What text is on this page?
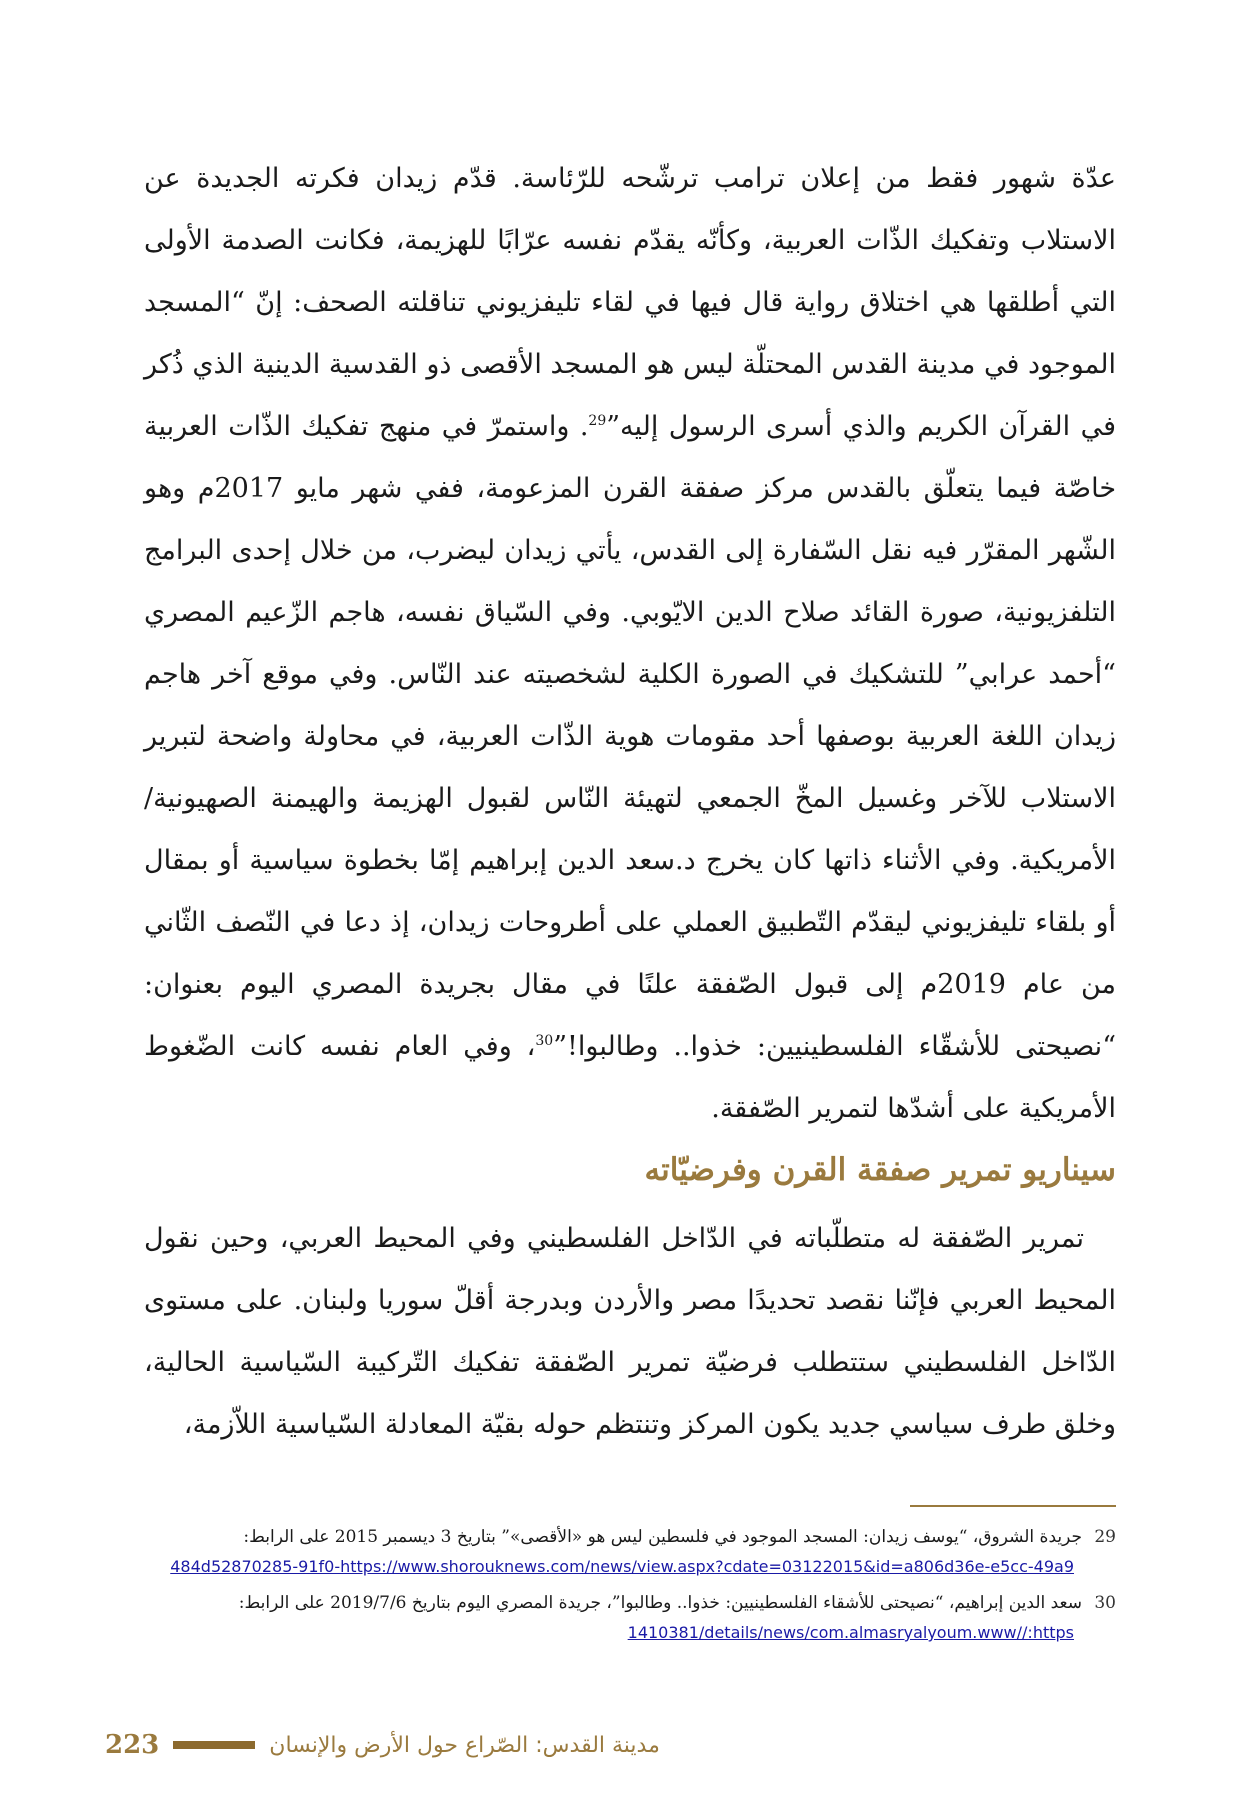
عدّة شهور فقط من إعلان ترامب ترشّحه للرّئاسة. قدّم زيدان فكرته الجديدة عن الاستلاب وتفكيك الذّات العربية، وكأنّه يقدّم نفسه عرّابًا للهزيمة، فكانت الصدمة الأولى التي أطلقها هي اختلاق رواية قال فيها في لقاء تليفزيوني تناقلته الصحف: إنّ “المسجد الموجود في مدينة القدس المحتلّة ليس هو المسجد الأقصى ذو القدسية الدينية الذي ذُكر في القرآن الكريم والذي أسرى الرسول إليه”$^{29}$. واستمرّ في منهج تفكيك الذّات العربية خاصّة فيما يتعلّق بالقدس مركز صفقة القرن المزعومة، ففي شهر مايو 2017م وهو الشّهر المقرّر فيه نقل السّفارة إلى القدس، يأتي زيدان ليضرب، من خلال إحدى البرامج التلفزيونية، صورة القائد صلاح الدين الايّوبي. وفي السّياق نفسه، هاجم الزّعيم المصري “أحمد عرابي” للتشكيك في الصورة الكلية لشخصيته عند النّاس. وفي موقع آخر هاجم زيدان اللغة العربية بوصفها أحد مقومات هوية الذّات العربية، في محاولة واضحة لتبرير الاستلاب للآخر وغسيل المخّ الجمعي لتهيئة النّاس لقبول الهزيمة والهيمنة الصهيونية/ الأمريكية. وفي الأثناء ذاتها كان يخرج د.سعد الدين إبراهيم إمّا بخطوة سياسية أو بمقال أو بلقاء تليفزيوني ليقدّم التّطبيق العملي على أطروحات زيدان، إذ دعا في النّصف الثّاني من عام 2019م إلى قبول الصّفقة علنًا في مقال بجريدة المصري اليوم بعنوان: “نصيحتى للأشقّاء الفلسطينيين: خذوا.. وطالبوا!”$^{30}$، وفي العام نفسه كانت الضّغوط الأمريكية على أشدّها لتمرير الصّفقة.

سيناريو تمرير صفقة القرن وفرضيّاته

تمرير الصّفقة له متطلّباته في الدّاخل الفلسطيني وفي المحيط العربي، وحين نقول المحيط العربي فإنّنا نقصد تحديدًا مصر والأردن وبدرجة أقلّ سوريا ولبنان. على مستوى الدّاخل الفلسطيني ستتطلب فرضيّة تمرير الصّفقة تفكيك التّركيبة السّياسية الحالية، وخلق طرف سياسي جديد يكون المركز وتنتظم حوله بقيّة المعادلة السّياسية اللاّزمة،

29جريدة الشروق، “يوسف زيدان: المسجد الموجود في فلسطين ليس هو «الأقصى»” بتاريخ 3 ديسمبر 2015 على الرابط:
484d52870285-91f0-https://www.shorouknews.com/news/view.aspx?cdate=03122015&id=a806d36e-e5cc-49a9
30سعد الدين إبراهيم، “نصيحتى للأشقاء الفلسطينيين: خذوا.. وطالبوا”، جريدة المصري اليوم بتاريخ 2019/7/6 على الرابط:
1410381/details/news/com.almasryalyoum.www//:https
223	مدينة القدس: الصّراع حول الأرض والإنسان
